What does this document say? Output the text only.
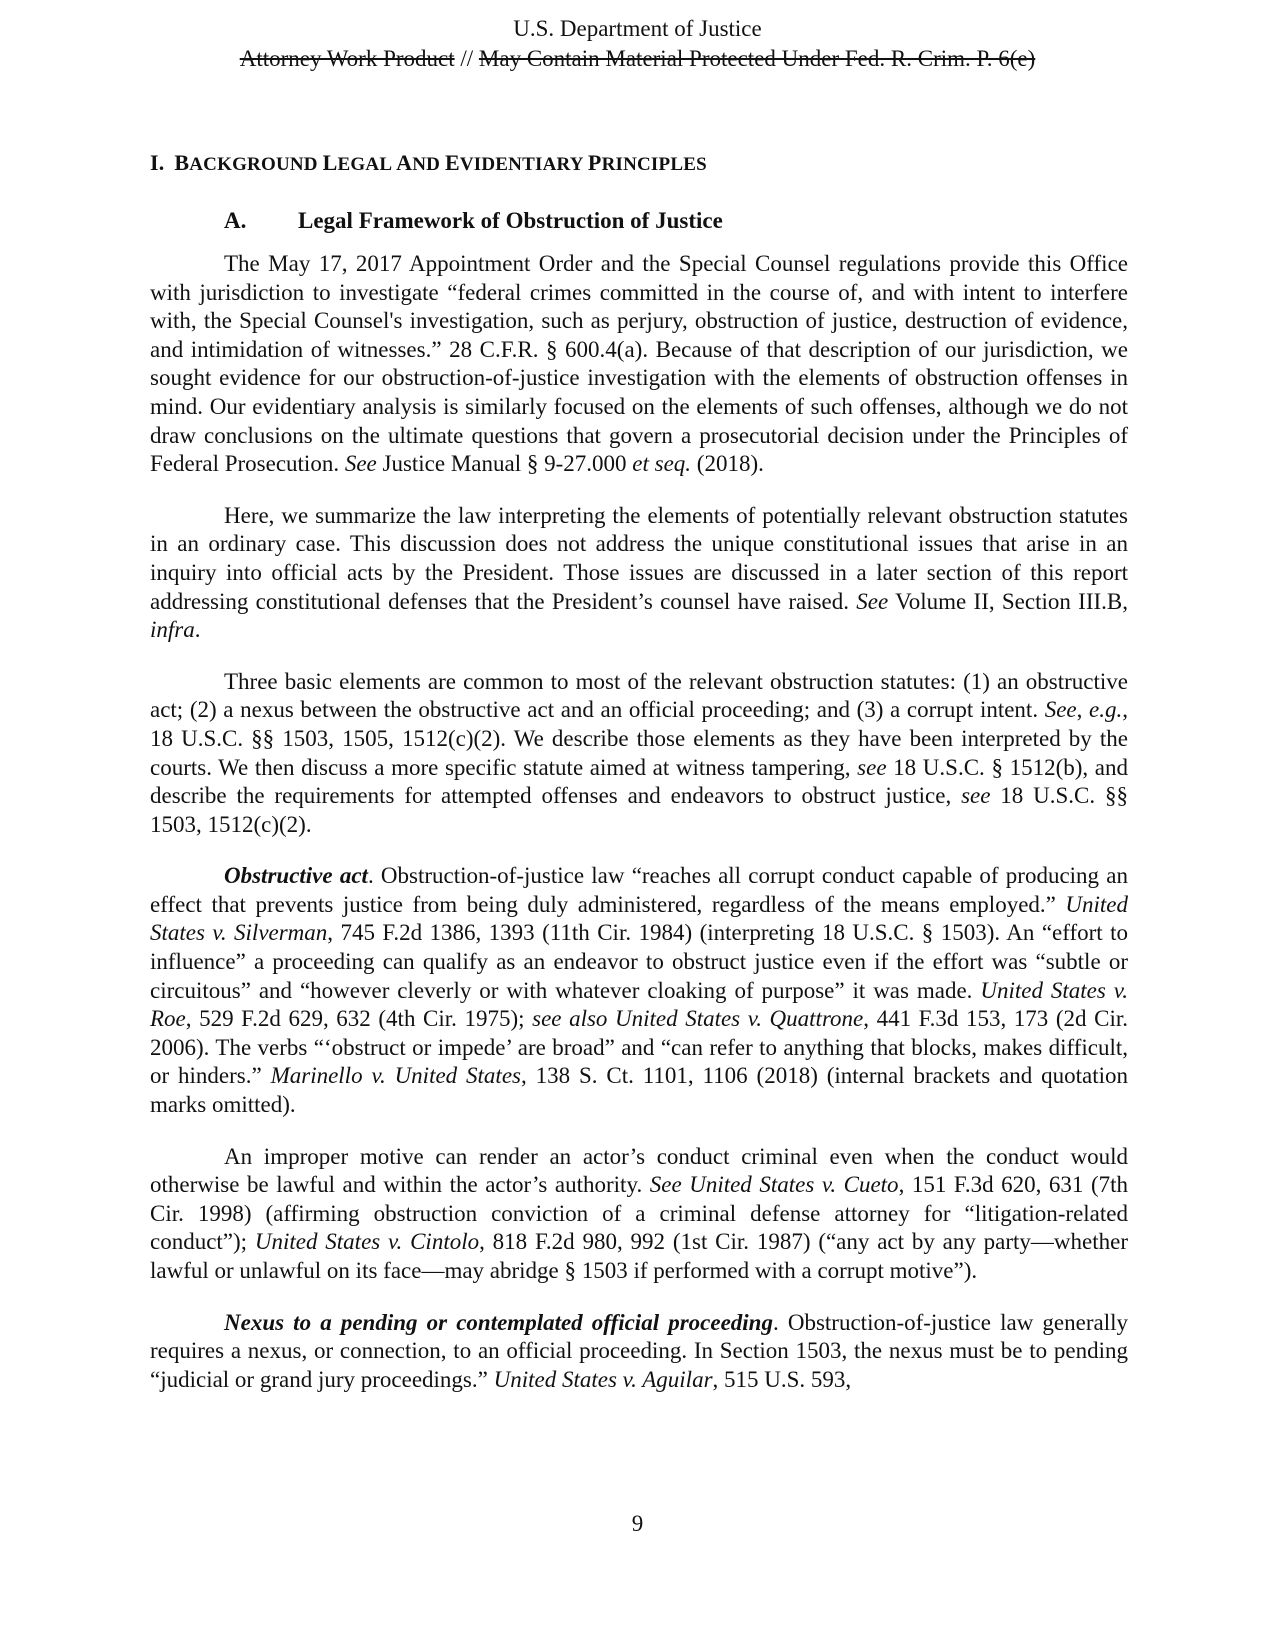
U.S. Department of Justice
Attorney Work Product // May Contain Material Protected Under Fed. R. Crim. P. 6(e)
I. BACKGROUND LEGAL AND EVIDENTIARY PRINCIPLES
A. Legal Framework of Obstruction of Justice

The May 17, 2017 Appointment Order and the Special Counsel regulations provide this Office with jurisdiction to investigate “federal crimes committed in the course of, and with intent to interfere with, the Special Counsel's investigation, such as perjury, obstruction of justice, destruction of evidence, and intimidation of witnesses.” 28 C.F.R. § 600.4(a). Because of that description of our jurisdiction, we sought evidence for our obstruction-of-justice investigation with the elements of obstruction offenses in mind. Our evidentiary analysis is similarly focused on the elements of such offenses, although we do not draw conclusions on the ultimate questions that govern a prosecutorial decision under the Principles of Federal Prosecution. See Justice Manual § 9-27.000 et seq. (2018).

Here, we summarize the law interpreting the elements of potentially relevant obstruction statutes in an ordinary case. This discussion does not address the unique constitutional issues that arise in an inquiry into official acts by the President. Those issues are discussed in a later section of this report addressing constitutional defenses that the President’s counsel have raised. See Volume II, Section III.B, infra.

Three basic elements are common to most of the relevant obstruction statutes: (1) an obstructive act; (2) a nexus between the obstructive act and an official proceeding; and (3) a corrupt intent. See, e.g., 18 U.S.C. §§ 1503, 1505, 1512(c)(2). We describe those elements as they have been interpreted by the courts. We then discuss a more specific statute aimed at witness tampering, see 18 U.S.C. § 1512(b), and describe the requirements for attempted offenses and endeavors to obstruct justice, see 18 U.S.C. §§ 1503, 1512(c)(2).

Obstructive act. Obstruction-of-justice law “reaches all corrupt conduct capable of producing an effect that prevents justice from being duly administered, regardless of the means employed.” United States v. Silverman, 745 F.2d 1386, 1393 (11th Cir. 1984) (interpreting 18 U.S.C. § 1503). An “effort to influence” a proceeding can qualify as an endeavor to obstruct justice even if the effort was “subtle or circuitous” and “however cleverly or with whatever cloaking of purpose” it was made. United States v. Roe, 529 F.2d 629, 632 (4th Cir. 1975); see also United States v. Quattrone, 441 F.3d 153, 173 (2d Cir. 2006). The verbs “‘obstruct or impede’ are broad” and “can refer to anything that blocks, makes difficult, or hinders.” Marinello v. United States, 138 S. Ct. 1101, 1106 (2018) (internal brackets and quotation marks omitted).

An improper motive can render an actor’s conduct criminal even when the conduct would otherwise be lawful and within the actor’s authority. See United States v. Cueto, 151 F.3d 620, 631 (7th Cir. 1998) (affirming obstruction conviction of a criminal defense attorney for “litigation-related conduct”); United States v. Cintolo, 818 F.2d 980, 992 (1st Cir. 1987) (“any act by any party—whether lawful or unlawful on its face—may abridge § 1503 if performed with a corrupt motive”).

Nexus to a pending or contemplated official proceeding. Obstruction-of-justice law generally requires a nexus, or connection, to an official proceeding. In Section 1503, the nexus must be to pending “judicial or grand jury proceedings.” United States v. Aguilar, 515 U.S. 593,

9
